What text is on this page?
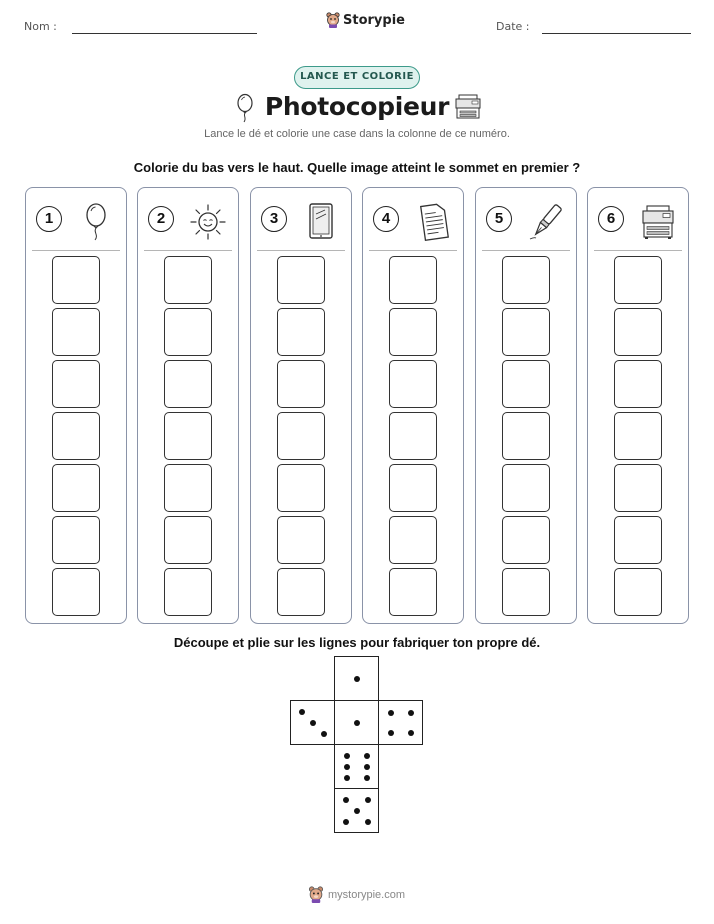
Nom :	Date :
Storypie
LANCE ET COLORIE
Photocopieur
Lance le dé et colorie une case dans la colonne de ce numéro.
Colorie du bas vers le haut. Quelle image atteint le sommet en premier ?
1	2	3	4	5	6
Découpe et plie sur les lignes pour fabriquer ton propre dé.
mystorypie.com
